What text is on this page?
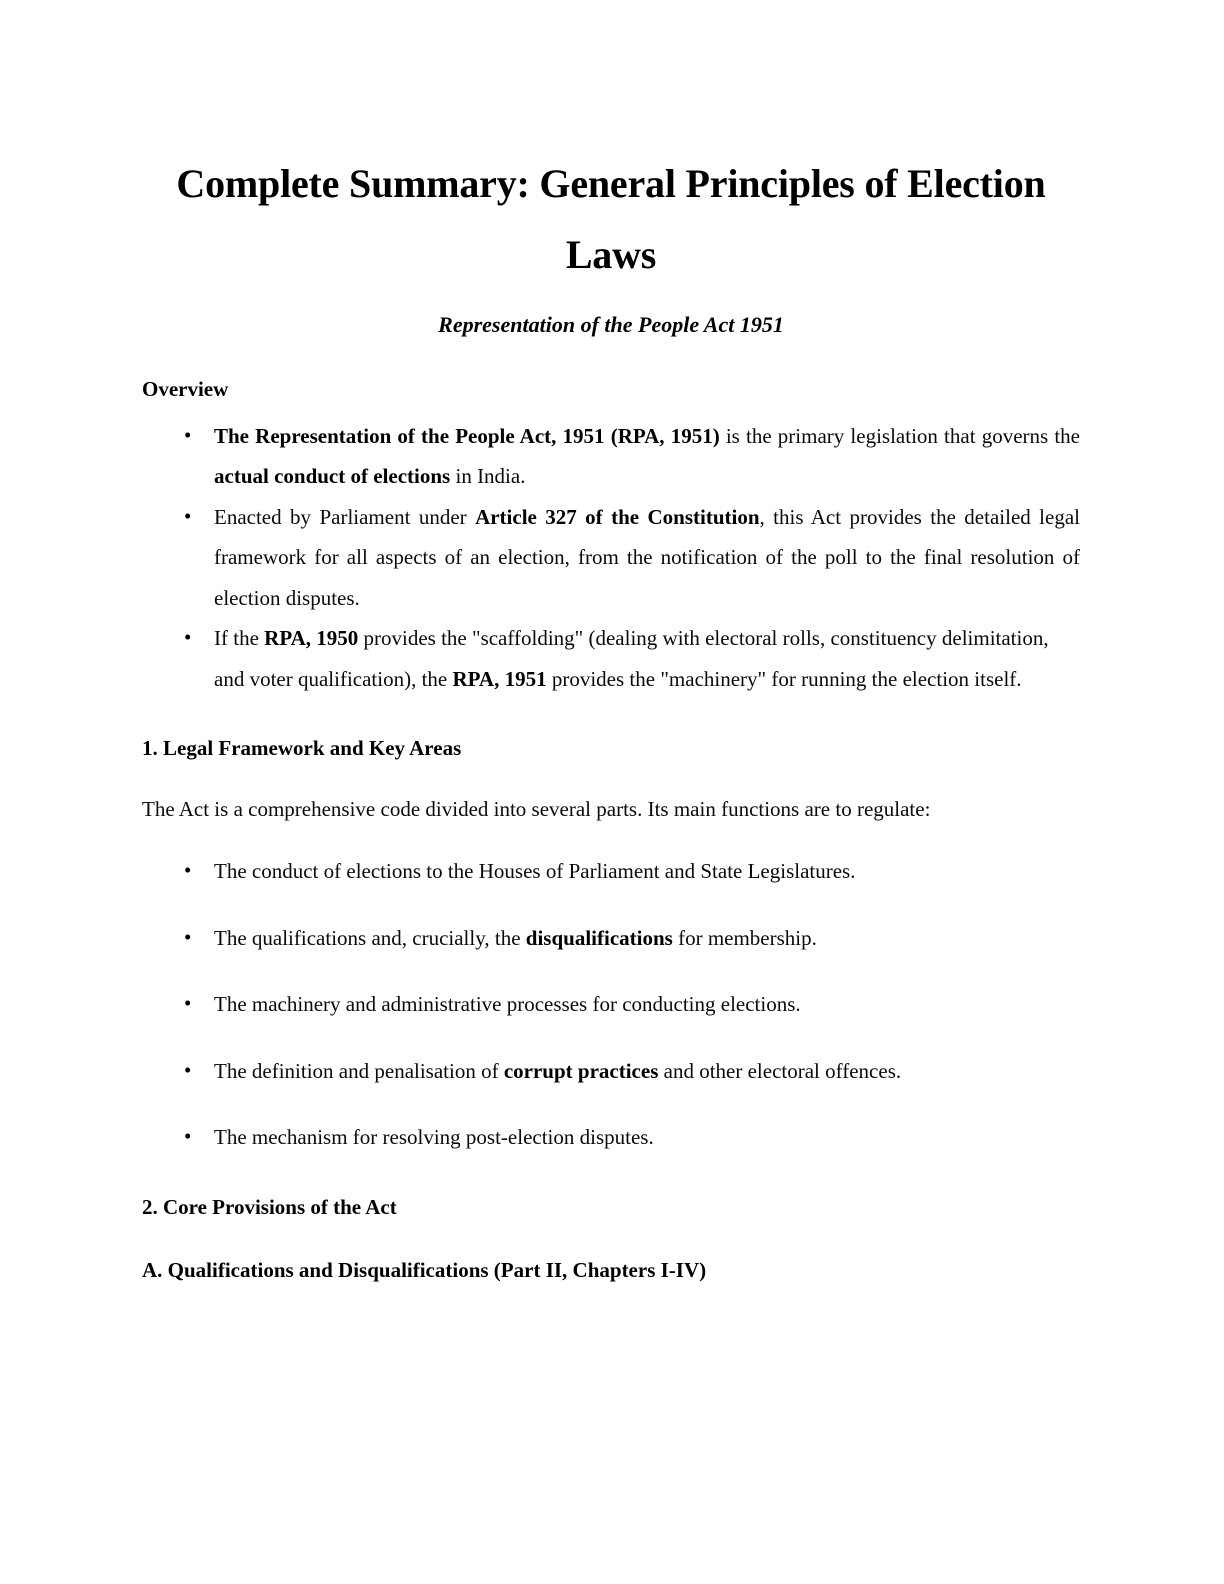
Complete Summary: General Principles of Election Laws
Representation of the People Act 1951
Overview
• The Representation of the People Act, 1951 (RPA, 1951) is the primary legislation that governs the actual conduct of elections in India.
• Enacted by Parliament under Article 327 of the Constitution, this Act provides the detailed legal framework for all aspects of an election, from the notification of the poll to the final resolution of election disputes.
• If the RPA, 1950 provides the "scaffolding" (dealing with electoral rolls, constituency delimitation, and voter qualification), the RPA, 1951 provides the "machinery" for running the election itself.
1. Legal Framework and Key Areas

The Act is a comprehensive code divided into several parts. Its main functions are to regulate:

• The conduct of elections to the Houses of Parliament and State Legislatures.
• The qualifications and, crucially, the disqualifications for membership.
• The machinery and administrative processes for conducting elections.
• The definition and penalisation of corrupt practices and other electoral offences.
• The mechanism for resolving post-election disputes.
2. Core Provisions of the Act
A. Qualifications and Disqualifications (Part II, Chapters I-IV)
